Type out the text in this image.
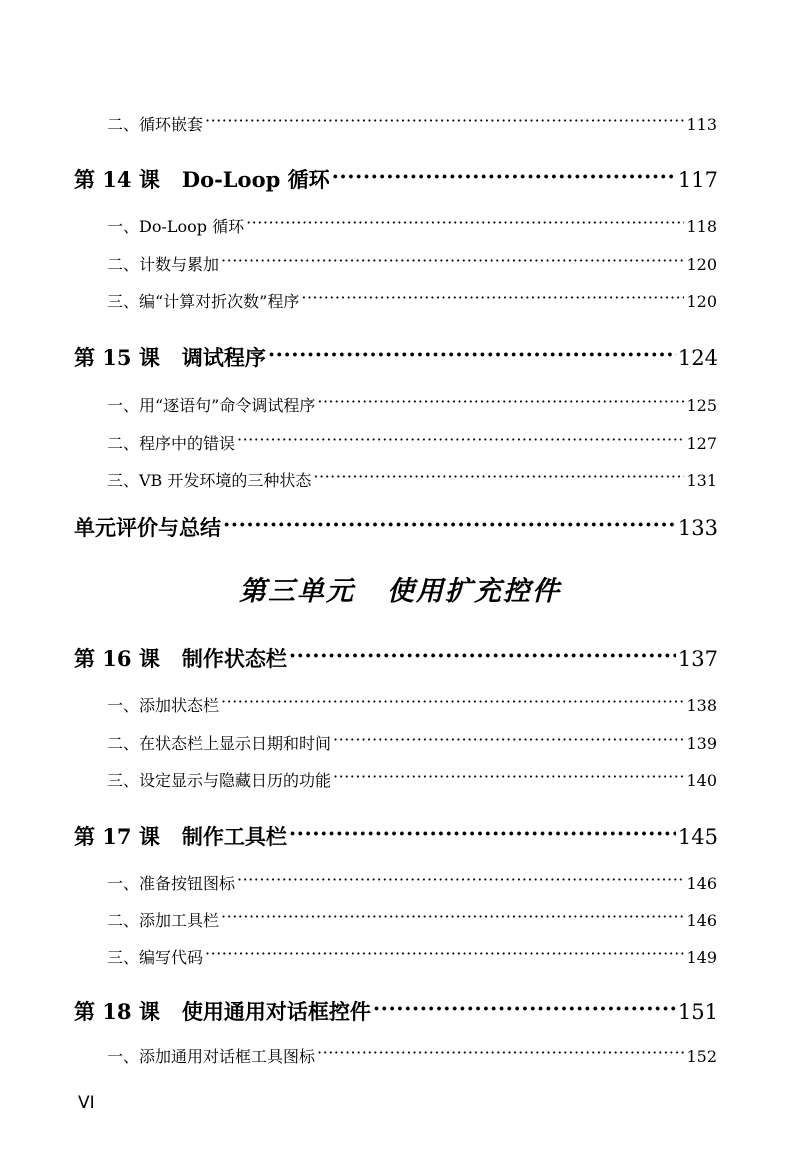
二、循环嵌套 ·····	113
第 14 课	Do-Loop 循环 ·····	117
一、Do-Loop 循环 ·····	118
二、计数与累加 ·····	120
三、编“计算对折次数”程序 ·····	120
第 15 课	调试程序 ·····	124
一、用“逐语句”命令调试程序 ·····	125
二、程序中的错误 ·····	127
三、VB 开发环境的三种状态 ·····	131
单元评价与总结 ·····	133
第三单元 使用扩充控件
第 16 课	制作状态栏 ·····	137
一、添加状态栏 ·····	138
二、在状态栏上显示日期和时间 ·····	139
三、设定显示与隐藏日历的功能 ·····	140
第 17 课	制作工具栏 ·····	145
一、准备按钮图标 ·····	146
二、添加工具栏 ·····	146
三、编写代码 ·····	149
第 18 课	使用通用对话框控件 ·····	151
一、添加通用对话框工具图标 ·····	152
VI
